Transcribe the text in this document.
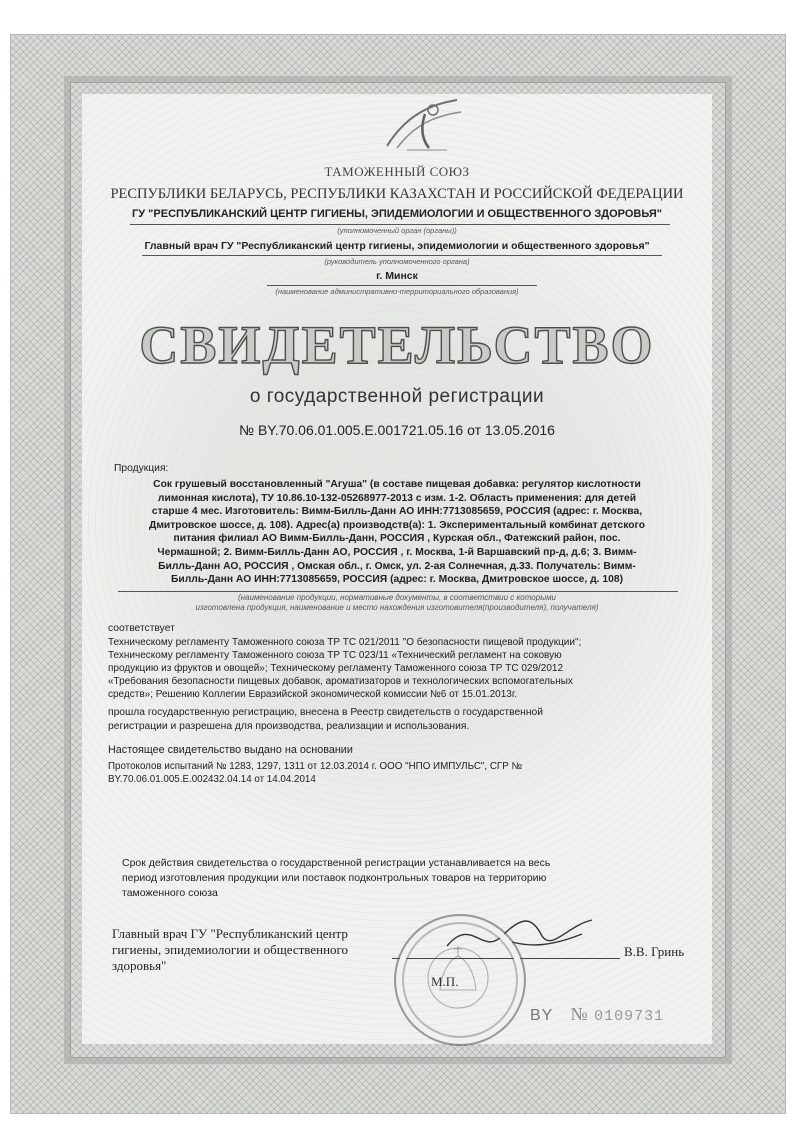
ТАМОЖЕННЫЙ СОЮЗ
РЕСПУБЛИКИ БЕЛАРУСЬ, РЕСПУБЛИКИ КАЗАХСТАН И РОССИЙСКОЙ ФЕДЕРАЦИИ
ГУ "РЕСПУБЛИКАНСКИЙ ЦЕНТР ГИГИЕНЫ, ЭПИДЕМИОЛОГИИ И ОБЩЕСТВЕННОГО ЗДОРОВЬЯ"
(уполномоченный орган (органы))
Главный врач ГУ "Республиканский центр гигиены, эпидемиологии и общественного здоровья"
(руководитель уполномоченного органа)
г. Минск
(наименование административно-территориального образования)
СВИДЕТЕЛЬСТВО
о государственной регистрации
№ BY.70.06.01.005.E.001721.05.16 от 13.05.2016
Продукция:

Сок грушевый восстановленный "Агуша" (в составе пищевая добавка: регулятор кислотности

лимонная кислота), ТУ 10.86.10-132-05268977-2013 с изм. 1-2. Область применения: для детей

старше 4 мес. Изготовитель: Вимм-Билль-Данн АО ИНН:7713085659, РОССИЯ (адрес: г. Москва,

Дмитровское шоссе, д. 108). Адрес(а) производств(а): 1. Экспериментальный комбинат детского

питания филиал АО Вимм-Билль-Данн, РОССИЯ , Курская обл., Фатежский район, пос.

Чермашной; 2. Вимм-Билль-Данн АО, РОССИЯ , г. Москва, 1-й Варшавский пр-д, д.6; 3. Вимм-

Билль-Данн АО, РОССИЯ , Омская обл., г. Омск, ул. 2-ая Солнечная, д.33. Получатель: Вимм-

Билль-Данн АО ИНН:7713085659, РОССИЯ (адрес: г. Москва, Дмитровское шоссе, д. 108)

(наименование продукции, нормативные документы, в соответствии с которыми

изготовлена продукция, наименование и место нахождения изготовителя(производителя), получателя)

соответствует

Техническому регламенту Таможенного союза ТР ТС 021/2011 "О безопасности пищевой продукции";

Техническому регламенту Таможенного союза ТР ТС 023/11 «Технический регламент на соковую

продукцию из фруктов и овощей»; Техническому регламенту Таможенного союза ТР ТС 029/2012

«Требования безопасности пищевых добавок, ароматизаторов и технологических вспомогательных

средств»; Решению Коллегии Евразийской экономической комиссии №6 от 15.01.2013г.

прошла государственную регистрацию, внесена в Реестр свидетельств о государственной

регистрации и разрешена для производства, реализации и использования.

Настоящее свидетельство выдано на основании

Протоколов испытаний № 1283, 1297, 1311 от 12.03.2014 г. ООО "НПО ИМПУЛЬС", СГР №

BY.70.06.01.005.E.002432.04.14 от 14.04.2014

Срок действия свидетельства о государственной регистрации устанавливается на весь

период изготовления продукции или поставок подконтрольных товаров на территорию

таможенного союза

Главный врач ГУ "Республиканский центр
гигиены, эпидемиологии и общественного
здоровья"
В.В. Гринь
М.П.
BY № 0109731
